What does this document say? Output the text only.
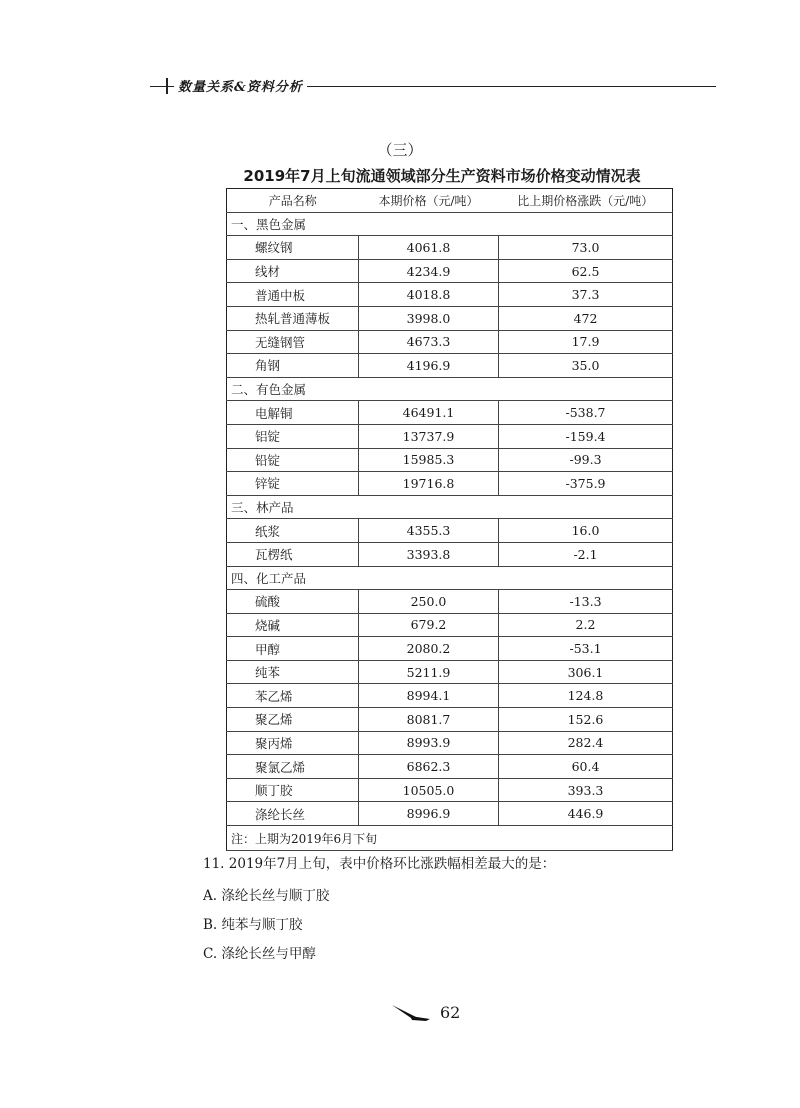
数量关系&资料分析
（三）
2019年7月上旬流通领域部分生产资料市场价格变动情况表
产品名称	本期价格（元/吨）	比上期价格涨跌（元/吨）
一、黑色金属		
螺纹钢	4061.8	73.0
线材	4234.9	62.5
普通中板	4018.8	37.3
热轧普通薄板	3998.0	472
无缝钢管	4673.3	17.9
角钢	4196.9	35.0
二、有色金属		
电解铜	46491.1	-538.7
铝锭	13737.9	-159.4
铅锭	15985.3	-99.3
锌锭	19716.8	-375.9
三、林产品		
纸浆	4355.3	16.0
瓦楞纸	3393.8	-2.1
四、化工产品		
硫酸	250.0	-13.3
烧碱	679.2	2.2
甲醇	2080.2	-53.1
纯苯	5211.9	306.1
苯乙烯	8994.1	124.8
聚乙烯	8081.7	152.6
聚丙烯	8993.9	282.4
聚氯乙烯	6862.3	60.4
顺丁胶	10505.0	393.3
涤纶长丝	8996.9	446.9
注：上期为2019年6月下旬		
11. 2019年7月上旬，表中价格环比涨跌幅相差最大的是：
A. 涤纶长丝与顺丁胶
B. 纯苯与顺丁胶
C. 涤纶长丝与甲醇
62
